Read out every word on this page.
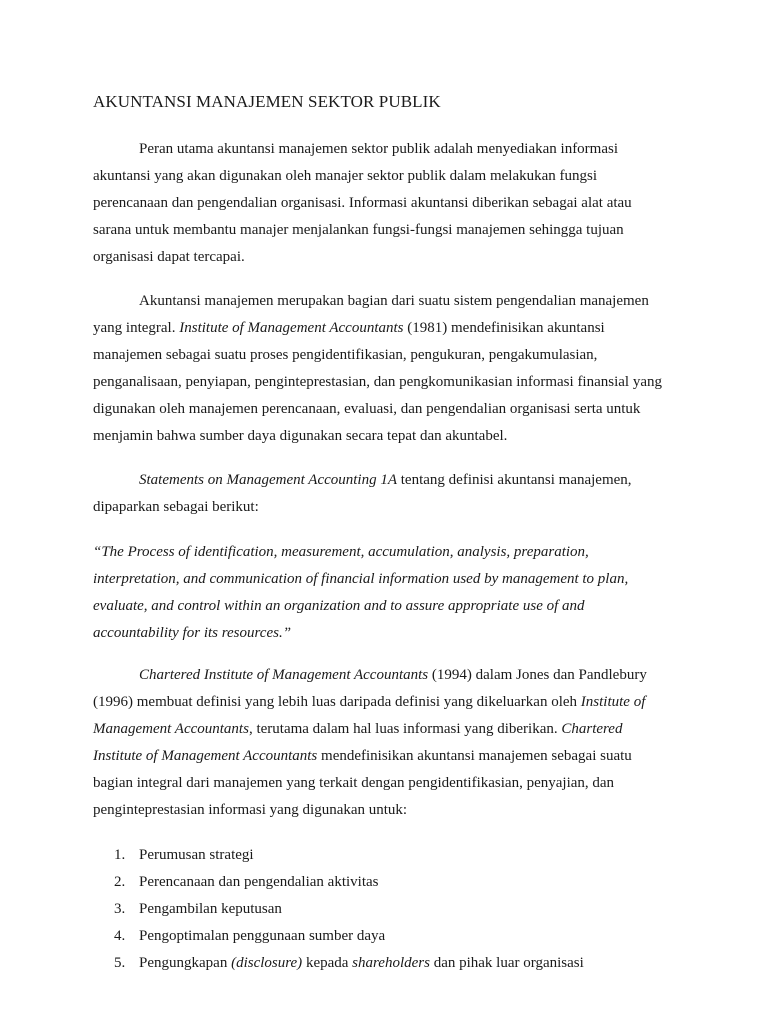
AKUNTANSI MANAJEMEN SEKTOR PUBLIK

Peran utama akuntansi manajemen sektor publik adalah menyediakan informasi akuntansi yang akan digunakan oleh manajer sektor publik dalam melakukan fungsi perencanaan dan pengendalian organisasi. Informasi akuntansi diberikan sebagai alat atau sarana untuk membantu manajer menjalankan fungsi-fungsi manajemen sehingga tujuan organisasi dapat tercapai.

Akuntansi manajemen merupakan bagian dari suatu sistem pengendalian manajemen yang integral. Institute of Management Accountants (1981) mendefinisikan akuntansi manajemen sebagai suatu proses pengidentifikasian, pengukuran, pengakumulasian, penganalisaan, penyiapan, penginteprestasian, dan pengkomunikasian informasi finansial yang digunakan oleh manajemen perencanaan, evaluasi, dan pengendalian organisasi serta untuk menjamin bahwa sumber daya digunakan secara tepat dan akuntabel.

Statements on Management Accounting 1A tentang definisi akuntansi manajemen, dipaparkan sebagai berikut:

“The Process of identification, measurement, accumulation, analysis, preparation, interpretation, and communication of financial information used by management to plan, evaluate, and control within an organization and to assure appropriate use of and accountability for its resources.”

Chartered Institute of Management Accountants (1994) dalam Jones dan Pandlebury (1996) membuat definisi yang lebih luas daripada definisi yang dikeluarkan oleh Institute of Management Accountants, terutama dalam hal luas informasi yang diberikan. Chartered Institute of Management Accountants mendefinisikan akuntansi manajemen sebagai suatu bagian integral dari manajemen yang terkait dengan pengidentifikasian, penyajian, dan penginteprestasian informasi yang digunakan untuk:

1. Perumusan strategi
2. Perencanaan dan pengendalian aktivitas
3. Pengambilan keputusan
4. Pengoptimalan penggunaan sumber daya
5. Pengungkapan (disclosure) kepada shareholders dan pihak luar organisasi
